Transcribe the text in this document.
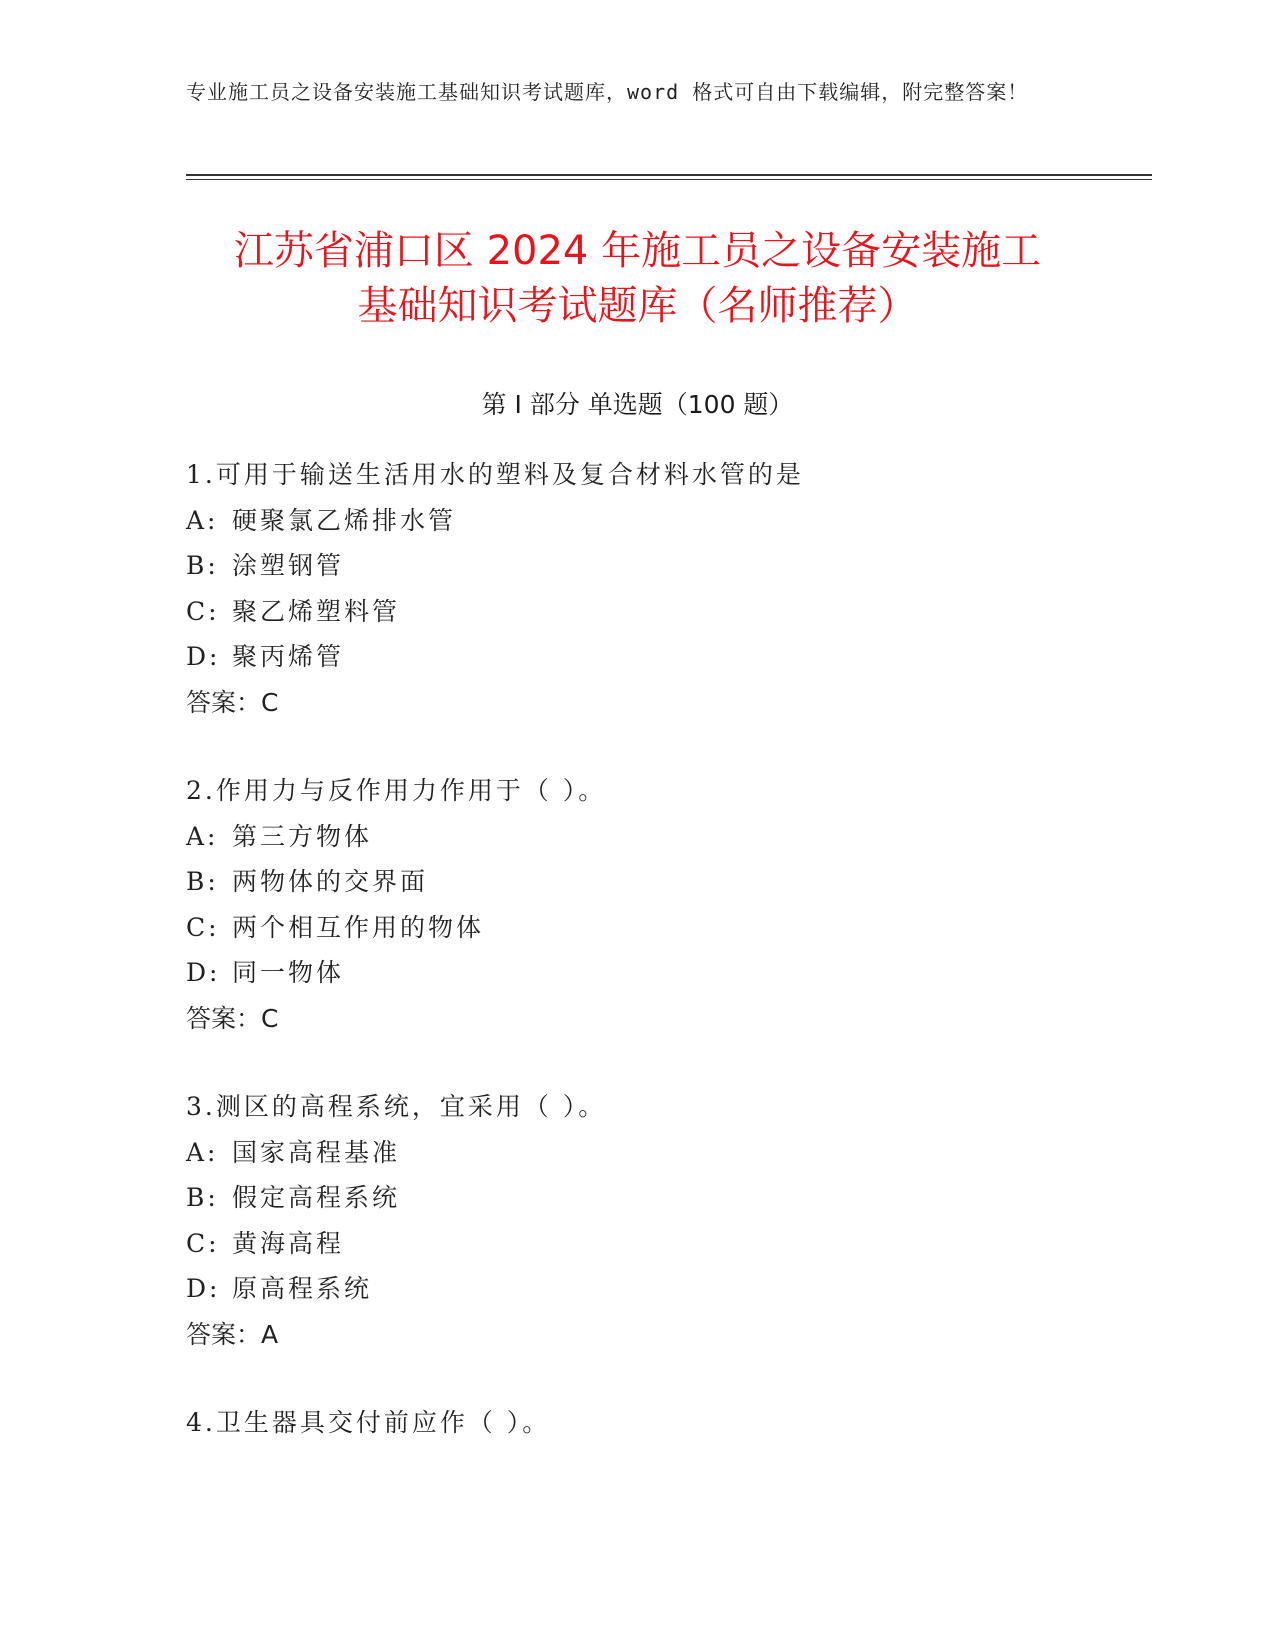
专业施工员之设备安装施工基础知识考试题库，word 格式可自由下载编辑，附完整答案！
江苏省浦口区 2024 年施工员之设备安装施工
基础知识考试题库（名师推荐）
第 I 部分 单选题（100 题）
1.可用于输送生活用水的塑料及复合材料水管的是
A: 硬聚氯乙烯排水管
B: 涂塑钢管
C: 聚乙烯塑料管
D: 聚丙烯管
答案：C
2.作用力与反作用力作用于（ ）。
A: 第三方物体
B: 两物体的交界面
C: 两个相互作用的物体
D: 同一物体
答案：C
3.测区的高程系统，宜采用（ ）。
A: 国家高程基准
B: 假定高程系统
C: 黄海高程
D: 原高程系统
答案：A
4.卫生器具交付前应作（ ）。
